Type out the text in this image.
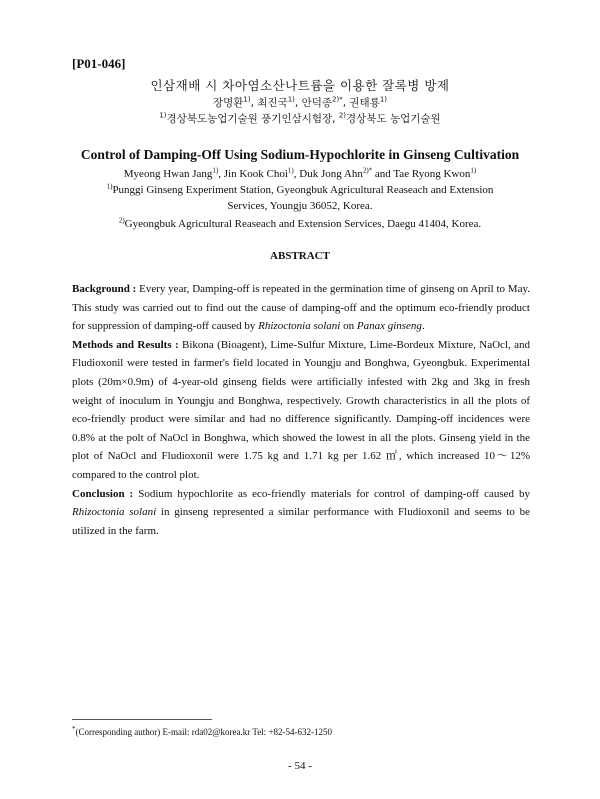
[P01-046]
인삼재배 시 차아염소산나트륨을 이용한 잘록병 방제
장명환$^{1)}$, 최진국$^{1)}$, 안덕종$^{2)*}$, 권태룡$^{1)}$
$^{1)}$경상북도농업기술원 풍기인삼시험장, $^{2)}$경상북도 농업기술원
Control of Damping-Off Using Sodium-Hypochlorite in Ginseng Cultivation
Myeong Hwan Jang$^{1)}$, Jin Kook Choi$^{1)}$, Duk Jong Ahn$^{2)*}$ and Tae Ryong Kwon$^{1)}$
$^{1)}$Punggi Ginseng Experiment Station, Gyeongbuk Agricultural Reaseach and Extension
Services, Youngju 36052, Korea.
$^{2)}$Gyeongbuk Agricultural Reaseach and Extension Services, Daegu 41404, Korea.
ABSTRACT

Background : Every year, Damping-off is repeated in the germination time of ginseng on April to May. This study was carried out to find out the cause of damping-off and the optimum eco-friendly product for suppression of damping-off caused by Rhizoctonia solani on Panax ginseng.

Methods and Results : Bikona (Bioagent), Lime-Sulfur Mixture, Lime-Bordeux Mixture, NaOcl, and Fludioxonil were tested in farmer's field located in Youngju and Bonghwa, Gyeongbuk. Experimental plots (20m×0.9m) of 4-year-old ginseng fields were artificially infested with 2kg and 3kg in fresh weight of inoculum in Youngju and Bonghwa, respectively. Growth characteristics in all the plots of eco-friendly product were similar and had no difference significantly. Damping-off incidences were 0.8% at the polt of NaOcl in Bonghwa, which showed the lowest in all the plots. Ginseng yield in the plot of NaOcl and Fludioxonil were 1.75 kg and 1.71 kg per 1.62 ㎡, which increased 10～12% compared to the control plot.

Conclusion : Sodium hypochlorite as eco-friendly materials for control of damping-off caused by Rhizoctonia solani in ginseng represented a similar performance with Fludioxonil and seems to be utilized in the farm.

*(Corresponding author) E-mail: rda02@korea.kr Tel: +82-54-632-1250
- 54 -
